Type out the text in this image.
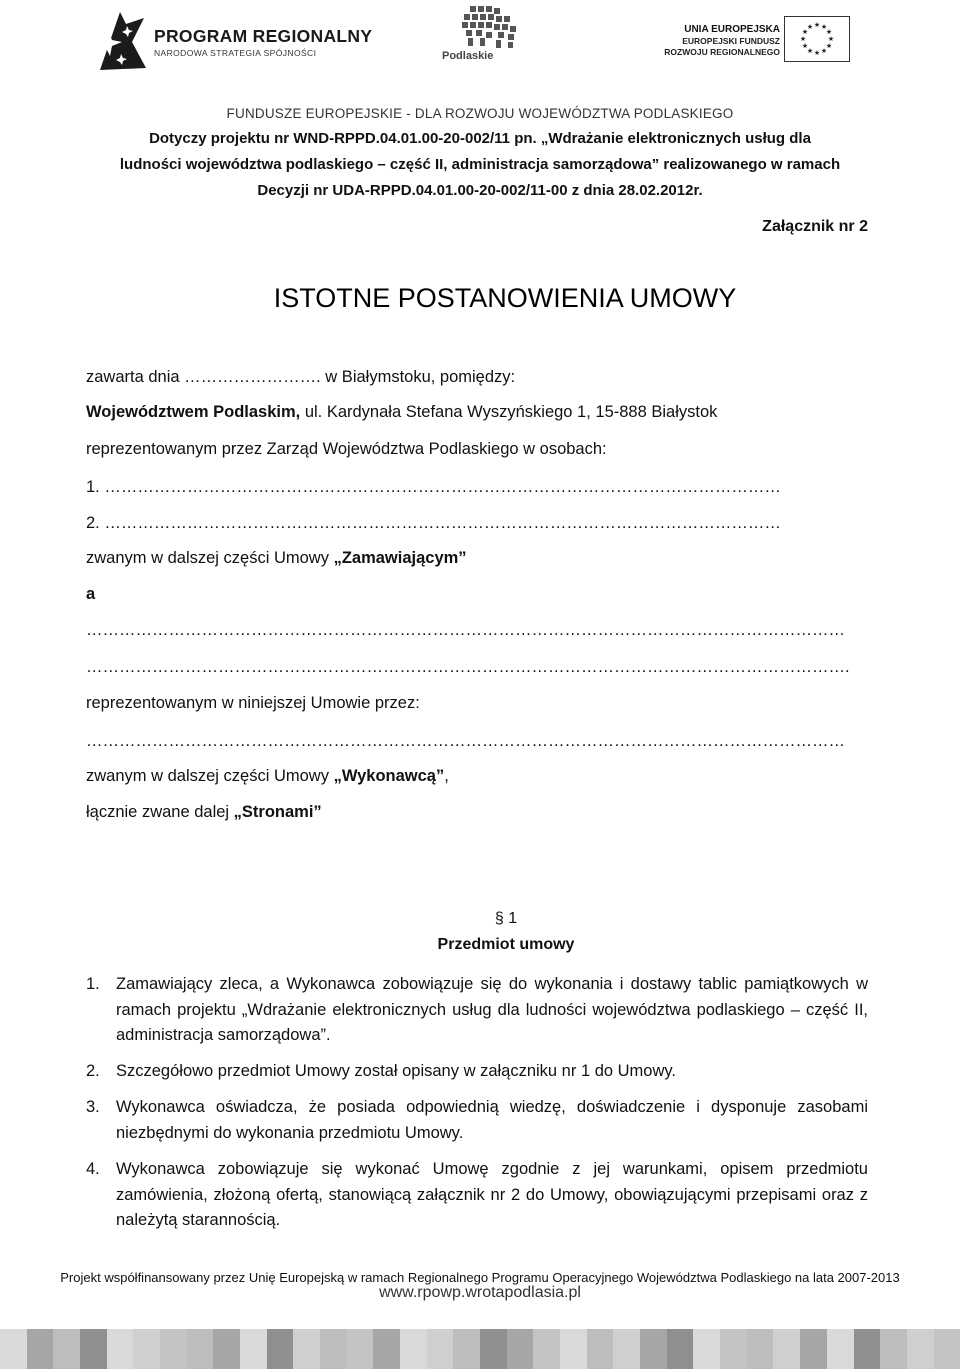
PROGRAM REGIONALNY
NARODOWA STRATEGIA SPÓJNOŚCI	Podlaskie
UNIA EUROPEJSKA
EUROPEJSKI FUNDUSZ
ROZWOJU REGIONALNEGO
★ ★
★
★
★
★
★
★
★
★
★
★
FUNDUSZE EUROPEJSKIE - DLA ROZWOJU WOJEWÓDZTWA PODLASKIEGO
Dotyczy projektu nr WND-RPPD.04.01.00-20-002/11 pn. „Wdrażanie elektronicznych usług dla
ludności województwa podlaskiego – część II, administracja samorządowa” realizowanego w ramach
Decyzji nr UDA-RPPD.04.01.00-20-002/11-00 z dnia 28.02.2012r.
Załącznik nr 2
ISTOTNE POSTANOWIENIA UMOWY
zawarta dnia ……………………. w Białymstoku, pomiędzy:
Województwem Podlaskim, ul. Kardynała Stefana Wyszyńskiego 1, 15-888 Białystok
reprezentowanym przez Zarząd Województwa Podlaskiego w osobach:
1. ……………………………………………………………………………………………………………
2. ……………………………………………………………………………………………………………
zwanym w dalszej części Umowy „Zamawiającym”
a
…………………………………………………………………………………………………………………………
………………………………………………………………………………………………………………………….
reprezentowanym w niniejszej Umowie przez:
…………………………………………………………………………………………………………………………
zwanym w dalszej części Umowy „Wykonawcą”,
łącznie zwane dalej „Stronami”
§ 1
Przedmiot umowy
1. Zamawiający zleca, a Wykonawca zobowiązuje się do wykonania i dostawy tablic pamiątkowych w ramach projektu „Wdrażanie elektronicznych usług dla ludności województwa podlaskiego – część II, administracja samorządowa”.
2. Szczegółowo przedmiot Umowy został opisany w załączniku nr 1 do Umowy.
3. Wykonawca oświadcza, że posiada odpowiednią wiedzę, doświadczenie i dysponuje zasobami niezbędnymi do wykonania przedmiotu Umowy.
4. Wykonawca zobowiązuje się wykonać Umowę zgodnie z jej warunkami, opisem przedmiotu zamówienia, złożoną ofertą, stanowiącą załącznik nr 2 do Umowy, obowiązującymi przepisami oraz z należytą starannością.
Projekt współfinansowany przez Unię Europejską w ramach Regionalnego Programu Operacyjnego Województwa Podlaskiego na lata 2007-2013
www.rpowp.wrotapodlasia.pl
